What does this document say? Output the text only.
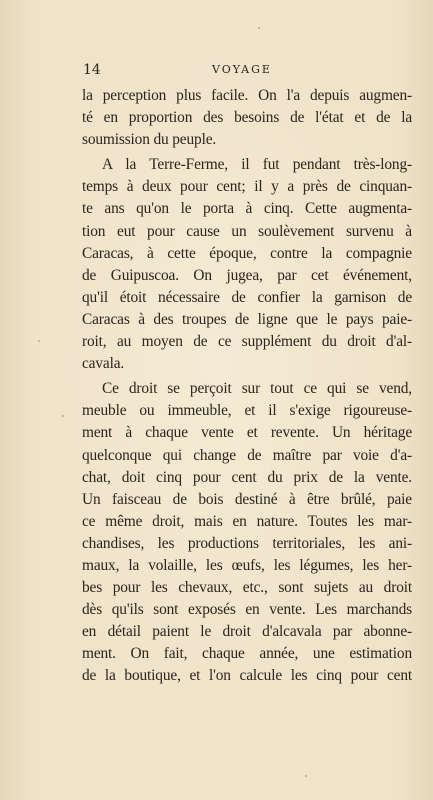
14	VOYAGE
la perception plus facile. On l'a depuis augmen-
té en proportion des besoins de l'état et de la
soumission du peuple.
A la Terre-Ferme, il fut pendant très-long-
temps à deux pour cent; il y a près de cinquan-
te ans qu'on le porta à cinq. Cette augmenta-
tion eut pour cause un soulèvement survenu à
Caracas, à cette époque, contre la compagnie
de Guipuscoa. On jugea, par cet événement,
qu'il étoit nécessaire de confier la garnison de
Caracas à des troupes de ligne que le pays paie-
roit, au moyen de ce supplément du droit d'al-
cavala.
Ce droit se perçoit sur tout ce qui se vend,
meuble ou immeuble, et il s'exige rigoureuse-
ment à chaque vente et revente. Un héritage
quelconque qui change de maître par voie d'a-
chat, doit cinq pour cent du prix de la vente.
Un faisceau de bois destiné à être brûlé, paie
ce même droit, mais en nature. Toutes les mar-
chandises, les productions territoriales, les ani-
maux, la volaille, les œufs, les légumes, les her-
bes pour les chevaux, etc., sont sujets au droit
dès qu'ils sont exposés en vente. Les marchands
en détail paient le droit d'alcavala par abonne-
ment. On fait, chaque année, une estimation
de la boutique, et l'on calcule les cinq pour cent
